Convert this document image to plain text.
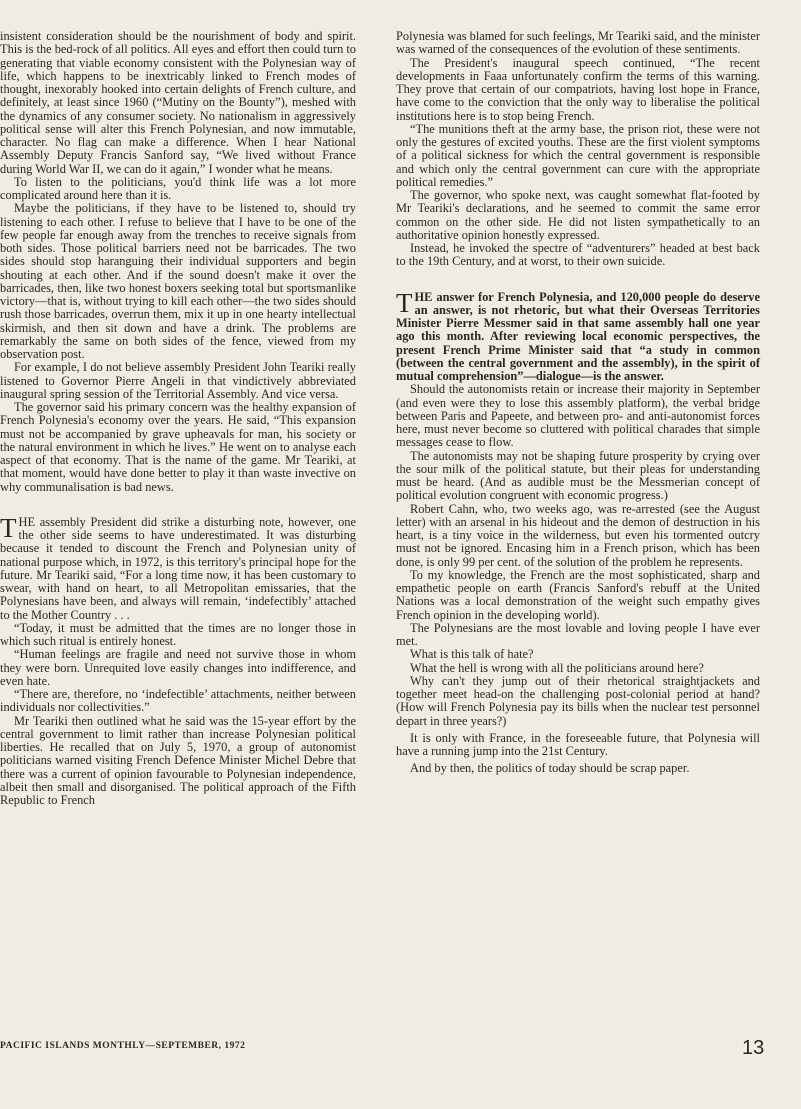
insistent consideration should be the nourishment of body and spirit. This is the bed-rock of all politics. All eyes and effort then could turn to generating that viable economy consistent with the Polynesian way of life, which happens to be inextricably linked to French modes of thought, inexorably hooked into certain delights of French culture, and definitely, at least since 1960 (“Mutiny on the Bounty”), meshed with the dynamics of any consumer society. No nationalism in aggressively political sense will alter this French Polynesian, and now immutable, character. No flag can make a difference. When I hear National Assembly Deputy Francis Sanford say, “We lived without France during World War II, we can do it again,” I wonder what he means.

To listen to the politicians, you'd think life was a lot more complicated around here than it is.

Maybe the politicians, if they have to be listened to, should try listening to each other. I refuse to believe that I have to be one of the few people far enough away from the trenches to receive signals from both sides. Those political barriers need not be barricades. The two sides should stop haranguing their individual supporters and begin shouting at each other. And if the sound doesn't make it over the barricades, then, like two honest boxers seeking total but sportsmanlike victory—that is, without trying to kill each other—the two sides should rush those barricades, overrun them, mix it up in one hearty intellectual skirmish, and then sit down and have a drink. The problems are remarkably the same on both sides of the fence, viewed from my observation post.

For example, I do not believe assembly President John Teariki really listened to Governor Pierre Angeli in that vindictively abbreviated inaugural spring session of the Territorial Assembly. And vice versa.

The governor said his primary concern was the healthy expansion of French Polynesia's economy over the years. He said, “This expansion must not be accompanied by grave upheavals for man, his society or the natural environment in which he lives.” He went on to analyse each aspect of that economy. That is the name of the game. Mr Teariki, at that moment, would have done better to play it than waste invective on why communalisation is bad news.

THE assembly President did strike a disturbing note, however, one the other side seems to have underestimated. It was disturbing because it tended to discount the French and Polynesian unity of national purpose which, in 1972, is this territory's principal hope for the future. Mr Teariki said, “For a long time now, it has been customary to swear, with hand on heart, to all Metropolitan emissaries, that the Polynesians have been, and always will remain, ‘indefectibly’ attached to the Mother Country . . .

“Today, it must be admitted that the times are no longer those in which such ritual is entirely honest.

“Human feelings are fragile and need not survive those in whom they were born. Unrequited love easily changes into indifference, and even hate.

“There are, therefore, no ‘indefectible’ attachments, neither between individuals nor collectivities.”

Mr Teariki then outlined what he said was the 15-year effort by the central government to limit rather than increase Polynesian political liberties. He recalled that on July 5, 1970, a group of autonomist politicians warned visiting French Defence Minister Michel Debre that there was a current of opinion favourable to Polynesian independence, albeit then small and disorganised. The political approach of the Fifth Republic to French

Polynesia was blamed for such feelings, Mr Teariki said, and the minister was warned of the consequences of the evolution of these sentiments.

The President's inaugural speech continued, “The recent developments in Faaa unfortunately confirm the terms of this warning. They prove that certain of our compatriots, having lost hope in France, have come to the conviction that the only way to liberalise the political institutions here is to stop being French.

“The munitions theft at the army base, the prison riot, these were not only the gestures of excited youths. These are the first violent symptoms of a political sickness for which the central government is responsible and which only the central government can cure with the appropriate political remedies.”

The governor, who spoke next, was caught somewhat flat-footed by Mr Teariki's declarations, and he seemed to commit the same error common on the other side. He did not listen sympathetically to an authoritative opinion honestly expressed.

Instead, he invoked the spectre of “adventurers” headed at best back to the 19th Century, and at worst, to their own suicide.

THE answer for French Polynesia, and 120,000 people do deserve an answer, is not rhetoric, but what their Overseas Territories Minister Pierre Messmer said in that same assembly hall one year ago this month. After reviewing local economic perspectives, the present French Prime Minister said that “a study in common (between the central government and the assembly), in the spirit of mutual comprehension”—dialogue—is the answer.

Should the autonomists retain or increase their majority in September (and even were they to lose this assembly platform), the verbal bridge between Paris and Papeete, and between pro- and anti-autonomist forces here, must never become so cluttered with political charades that simple messages cease to flow.

The autonomists may not be shaping future prosperity by crying over the sour milk of the political statute, but their pleas for understanding must be heard. (And as audible must be the Messmerian concept of political evolution congruent with economic progress.)

Robert Cahn, who, two weeks ago, was re-arrested (see the August letter) with an arsenal in his hideout and the demon of destruction in his heart, is a tiny voice in the wilderness, but even his tormented outcry must not be ignored. Encasing him in a French prison, which has been done, is only 99 per cent. of the solution of the problem he represents.

To my knowledge, the French are the most sophisticated, sharp and empathetic people on earth (Francis Sanford's rebuff at the United Nations was a local demonstration of the weight such empathy gives French opinion in the developing world).

The Polynesians are the most lovable and loving people I have ever met.

What is this talk of hate?

What the hell is wrong with all the politicians around here?

Why can't they jump out of their rhetorical straightjackets and together meet head-on the challenging post-colonial period at hand? (How will French Polynesia pay its bills when the nuclear test personnel depart in three years?)

It is only with France, in the foreseeable future, that Polynesia will have a running jump into the 21st Century.

And by then, the politics of today should be scrap paper.

PACIFIC ISLANDS MONTHLY—SEPTEMBER, 1972	13
